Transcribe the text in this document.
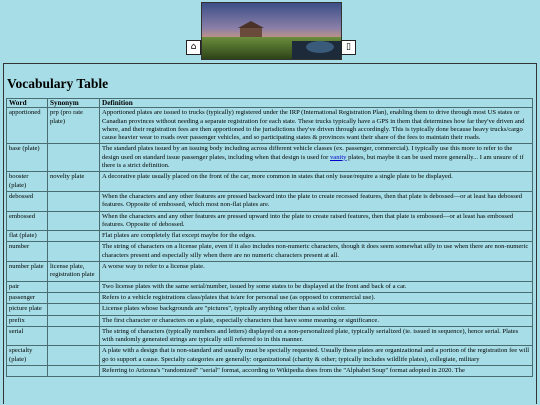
⌂	▯
Vocabulary Table
Word	Synonym	Definition
apportioned	prp (pro rate plate)	Apportioned plates are issued to trucks (typically) registered under the IRP (International Registration Plan), enabling them to drive through most US states or Canadian provinces without needing a separate registration for each state. These trucks typically have a GPS in them that determines how far they've driven and where, and their registration fees are then apportioned to the jurisdictions they've driven through accordingly. This is typically done because heavy trucks/cargo cause heavier wear to roads over passenger vehicles, and so participating states & provinces want their share of the fees to maintain their roads.
base (plate)		The standard plates issued by an issuing body including across different vehicle classes (ex. passenger, commercial). I typically use this more to refer to the design used on standard issue passenger plates, including when that design is used for vanity plates, but maybe it can be used more generally... I am unsure of if there is a strict definition.
booster (plate)	novelty plate	A decorative plate usually placed on the front of the car, more common in states that only issue/require a single plate to be displayed.
debossed		When the characters and any other features are pressed backward into the plate to create recessed features, then that plate is debossed—or at least has debossed features. Opposite of embossed, which most non-flat plates are.
embossed		When the characters and any other features are pressed upward into the plate to create raised features, then that plate is embossed—or at least has embossed features. Opposite of debossed.
flat (plate)		Flat plates are completely flat except maybe for the edges.
number		The string of characters on a license plate, even if it also includes non-numeric characters, though it does seem somewhat silly to use when there are non-numeric characters present and especially silly when there are no numeric characters present at all.
number plate	license plate, registration plate	A worse way to refer to a license plate.
pair		Two license plates with the same serial/number, issued by some states to be displayed at the front and back of a car.
passenger		Refers to a vehicle registrations class/plates that is/are for personal use (as opposed to commercial use).
picture plate		License plates whose backgrounds are "pictures", typically anything other than a solid color.
prefix		The first character or characters on a plate, especially characters that have some meaning or significance.
serial		The string of characters (typically numbers and letters) displayed on a non-personalized plate, typically serialized (ie. issued in sequence), hence serial. Plates with randomly generated strings are typically still referred to in this manner.
specialty (plate)		A plate with a design that is non-standard and usually must be specially requested. Usually these plates are organizational and a portion of the registration fee will go to support a cause. Specialty categories are generally: organizational (charity & other; typically includes wildlife plates), collegiate, military
		Referring to Arizona's "randomized" "serial" format, according to Wikipedia does from the "Alphabet Soup" format adopted in 2020. The
